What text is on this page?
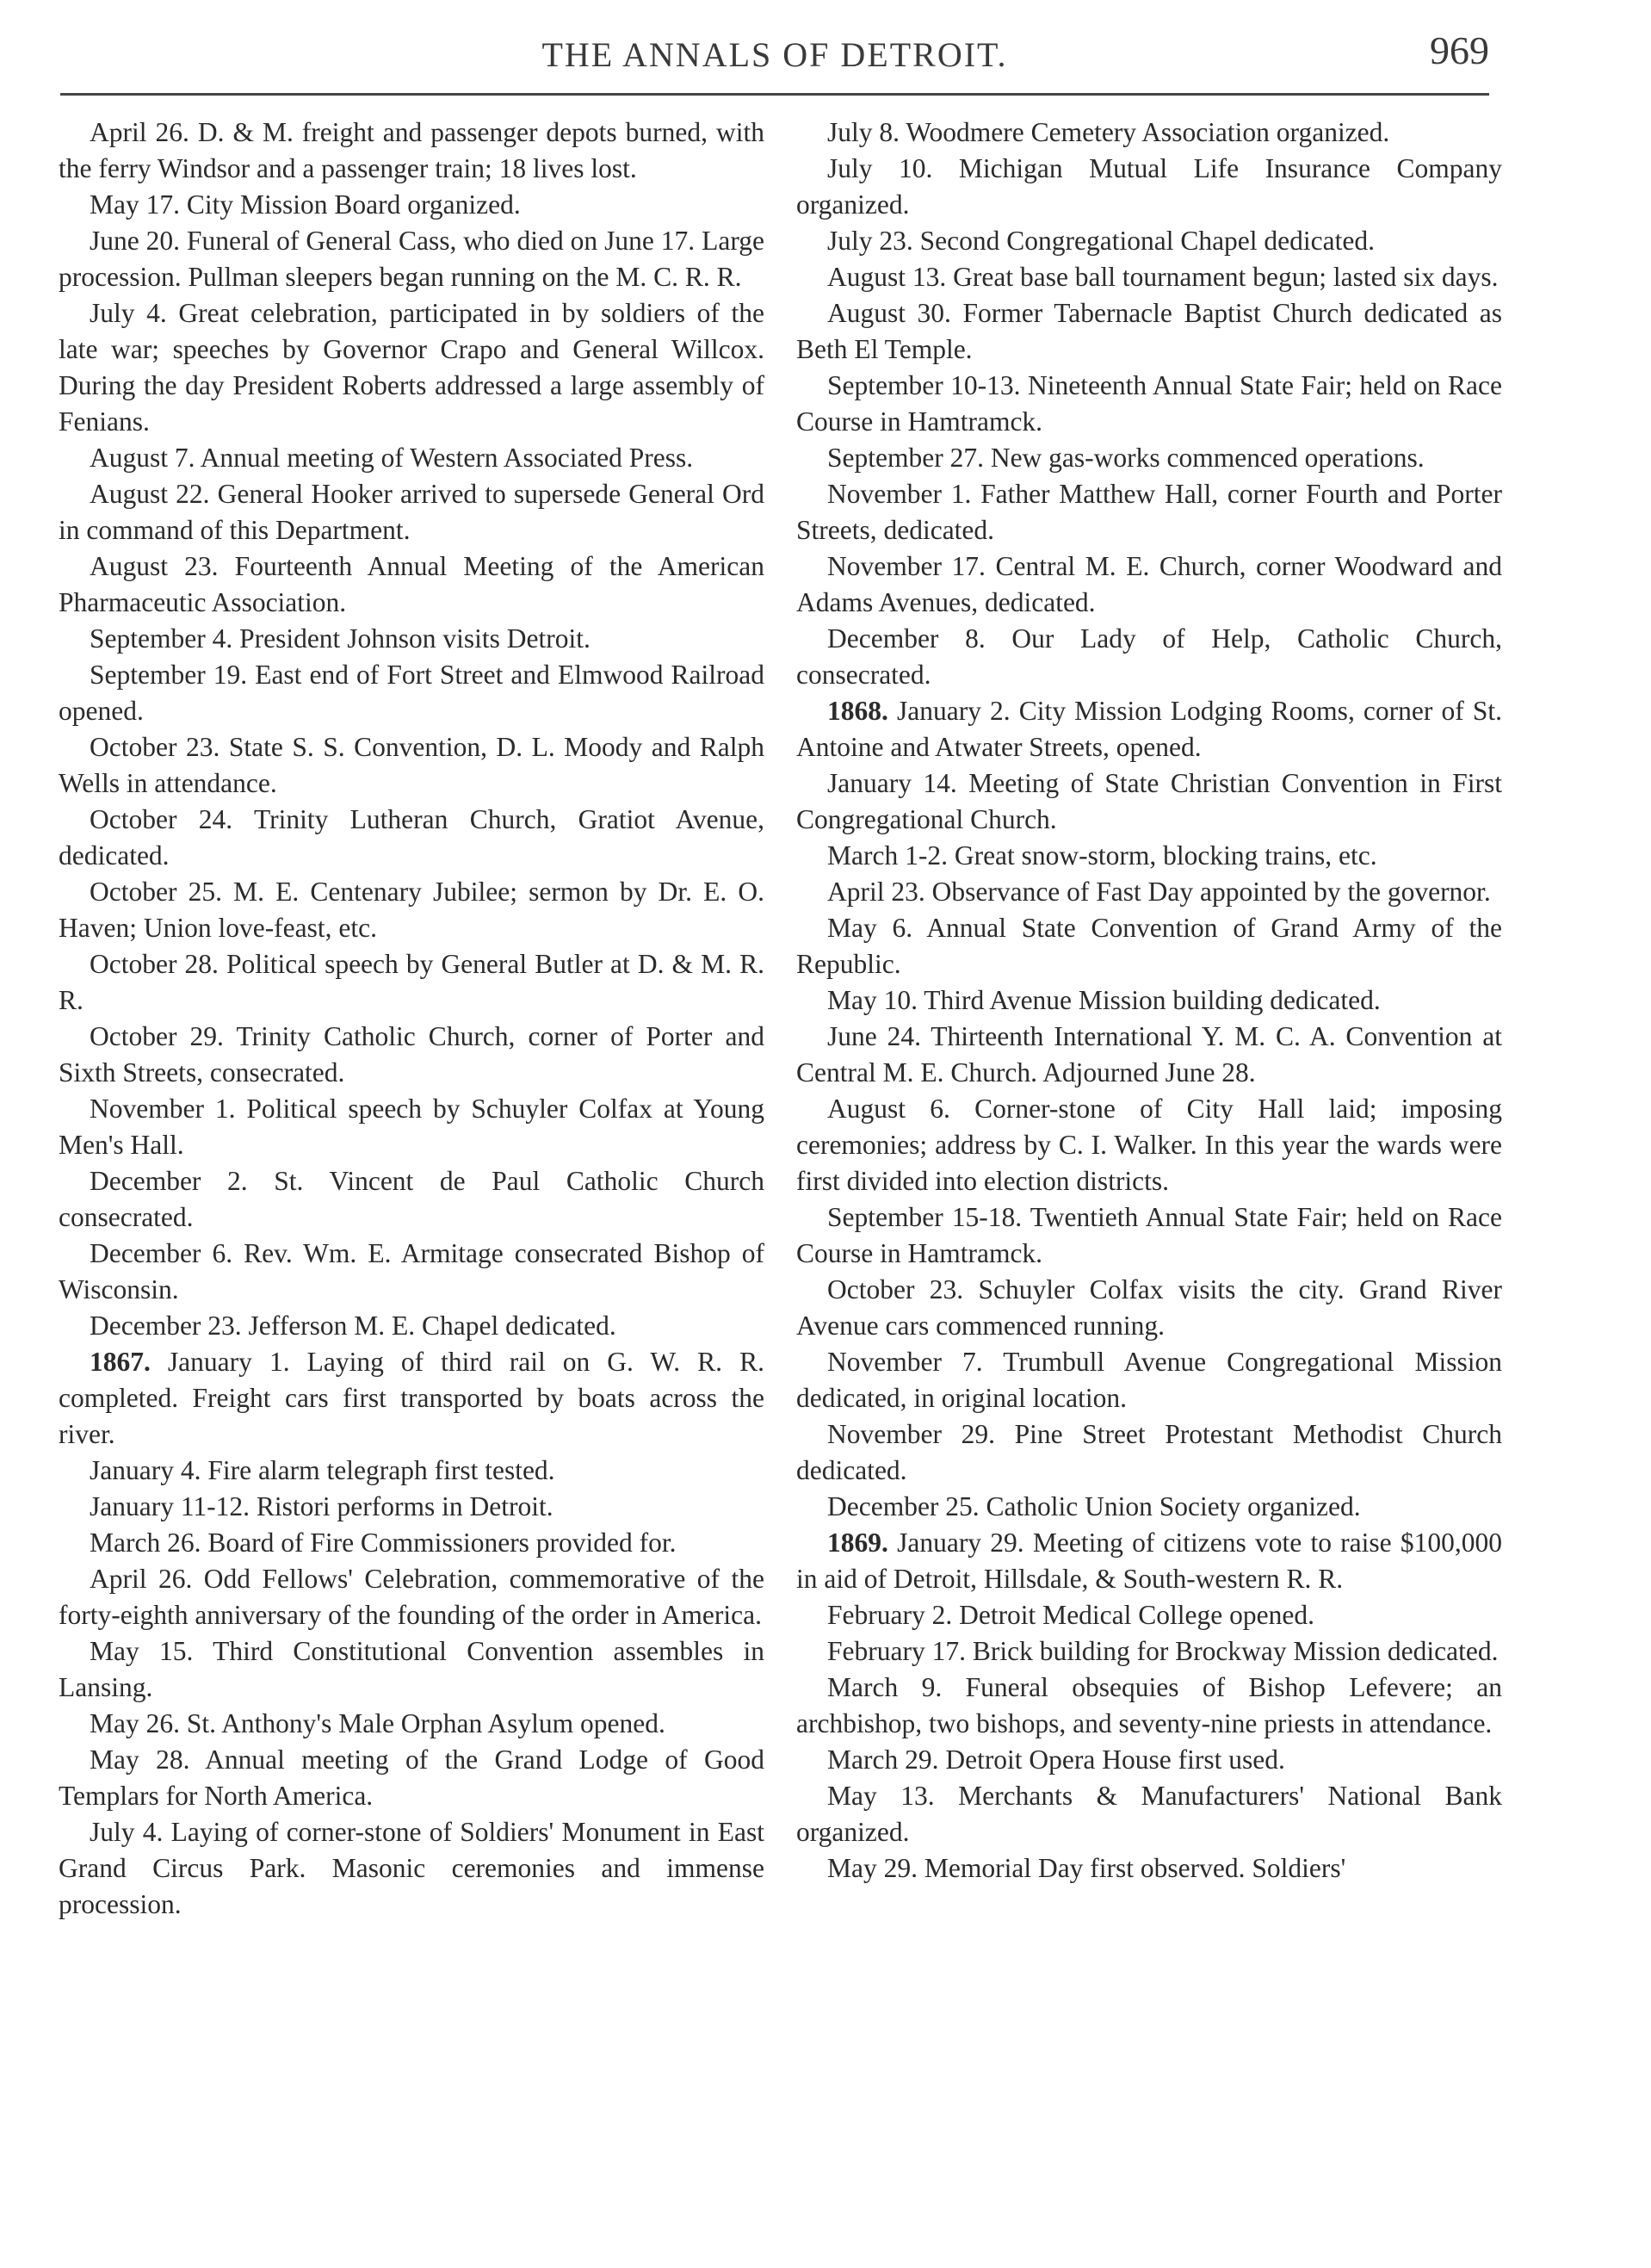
THE ANNALS OF DETROIT.	969
April 26. D. & M. freight and passenger depots burned, with the ferry Windsor and a passenger train; 18 lives lost.
May 17. City Mission Board organized.
June 20. Funeral of General Cass, who died on June 17. Large procession. Pullman sleepers began running on the M. C. R. R.
July 4. Great celebration, participated in by soldiers of the late war; speeches by Governor Crapo and General Willcox. During the day President Roberts addressed a large assembly of Fenians.
August 7. Annual meeting of Western Associated Press.
August 22. General Hooker arrived to supersede General Ord in command of this Department.
August 23. Fourteenth Annual Meeting of the American Pharmaceutic Association.
September 4. President Johnson visits Detroit.
September 19. East end of Fort Street and Elmwood Railroad opened.
October 23. State S. S. Convention, D. L. Moody and Ralph Wells in attendance.
October 24. Trinity Lutheran Church, Gratiot Avenue, dedicated.
October 25. M. E. Centenary Jubilee; sermon by Dr. E. O. Haven; Union love-feast, etc.
October 28. Political speech by General Butler at D. & M. R. R.
October 29. Trinity Catholic Church, corner of Porter and Sixth Streets, consecrated.
November 1. Political speech by Schuyler Colfax at Young Men's Hall.
December 2. St. Vincent de Paul Catholic Church consecrated.
December 6. Rev. Wm. E. Armitage consecrated Bishop of Wisconsin.
December 23. Jefferson M. E. Chapel dedicated.
1867. January 1. Laying of third rail on G. W. R. R. completed. Freight cars first transported by boats across the river.
January 4. Fire alarm telegraph first tested.
January 11-12. Ristori performs in Detroit.
March 26. Board of Fire Commissioners provided for.
April 26. Odd Fellows' Celebration, commemorative of the forty-eighth anniversary of the founding of the order in America.
May 15. Third Constitutional Convention assembles in Lansing.
May 26. St. Anthony's Male Orphan Asylum opened.
May 28. Annual meeting of the Grand Lodge of Good Templars for North America.
July 4. Laying of corner-stone of Soldiers' Monument in East Grand Circus Park. Masonic ceremonies and immense procession.
July 8. Woodmere Cemetery Association organized.
July 10. Michigan Mutual Life Insurance Company organized.
July 23. Second Congregational Chapel dedicated.
August 13. Great base ball tournament begun; lasted six days.
August 30. Former Tabernacle Baptist Church dedicated as Beth El Temple.
September 10-13. Nineteenth Annual State Fair; held on Race Course in Hamtramck.
September 27. New gas-works commenced operations.
November 1. Father Matthew Hall, corner Fourth and Porter Streets, dedicated.
November 17. Central M. E. Church, corner Woodward and Adams Avenues, dedicated.
December 8. Our Lady of Help, Catholic Church, consecrated.
1868. January 2. City Mission Lodging Rooms, corner of St. Antoine and Atwater Streets, opened.
January 14. Meeting of State Christian Convention in First Congregational Church.
March 1-2. Great snow-storm, blocking trains, etc.
April 23. Observance of Fast Day appointed by the governor.
May 6. Annual State Convention of Grand Army of the Republic.
May 10. Third Avenue Mission building dedicated.
June 24. Thirteenth International Y. M. C. A. Convention at Central M. E. Church. Adjourned June 28.
August 6. Corner-stone of City Hall laid; imposing ceremonies; address by C. I. Walker. In this year the wards were first divided into election districts.
September 15-18. Twentieth Annual State Fair; held on Race Course in Hamtramck.
October 23. Schuyler Colfax visits the city. Grand River Avenue cars commenced running.
November 7. Trumbull Avenue Congregational Mission dedicated, in original location.
November 29. Pine Street Protestant Methodist Church dedicated.
December 25. Catholic Union Society organized.
1869. January 29. Meeting of citizens vote to raise $100,000 in aid of Detroit, Hillsdale, & South-western R. R.
February 2. Detroit Medical College opened.
February 17. Brick building for Brockway Mission dedicated.
March 9. Funeral obsequies of Bishop Lefevere; an archbishop, two bishops, and seventy-nine priests in attendance.
March 29. Detroit Opera House first used.
May 13. Merchants & Manufacturers' National Bank organized.
May 29. Memorial Day first observed. Soldiers'
